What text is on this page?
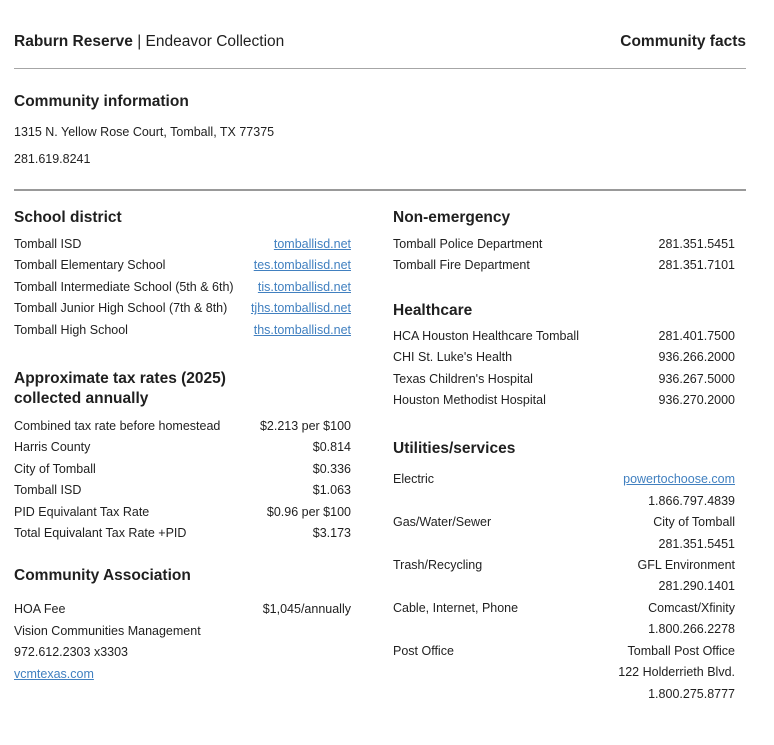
Raburn Reserve | Endeavor Collection	Community facts
Community information
1315 N. Yellow Rose Court, Tomball, TX 77375
281.619.8241
School district
Tomball ISD	tomballisd.net
Tomball Elementary School	tes.tomballisd.net
Tomball Intermediate School (5th & 6th) tis.tomballisd.net
Tomball Junior High School (7th & 8th) tjhs.tomballisd.net
Tomball High School	ths.tomballisd.net
Approximate tax rates (2025) collected annually
Combined tax rate before homestead	$2.213 per $100
Harris County	$0.814
City of Tomball	$0.336
Tomball ISD	$1.063
PID Equivalant Tax Rate	$0.96 per $100
Total Equivalant Tax Rate +PID	$3.173
Community Association
HOA Fee	$1,045/annually
Vision Communities Management
972.612.2303 x3303
vcmtexas.com
Non-emergency
Tomball Police Department	281.351.5451
Tomball Fire Department	281.351.7101
Healthcare
HCA Houston Healthcare Tomball	281.401.7500
CHI St. Luke's Health	936.266.2000
Texas Children's Hospital	936.267.5000
Houston Methodist Hospital	936.270.2000
Utilities/services
Electric	powertochoose.com
1.866.797.4839
Gas/Water/Sewer	City of Tomball
281.351.5451
Trash/Recycling	GFL Environment
281.290.1401
Cable, Internet, Phone	Comcast/Xfinity
1.800.266.2278
Post Office	Tomball Post Office
122 Holderrieth Blvd.
1.800.275.8777
